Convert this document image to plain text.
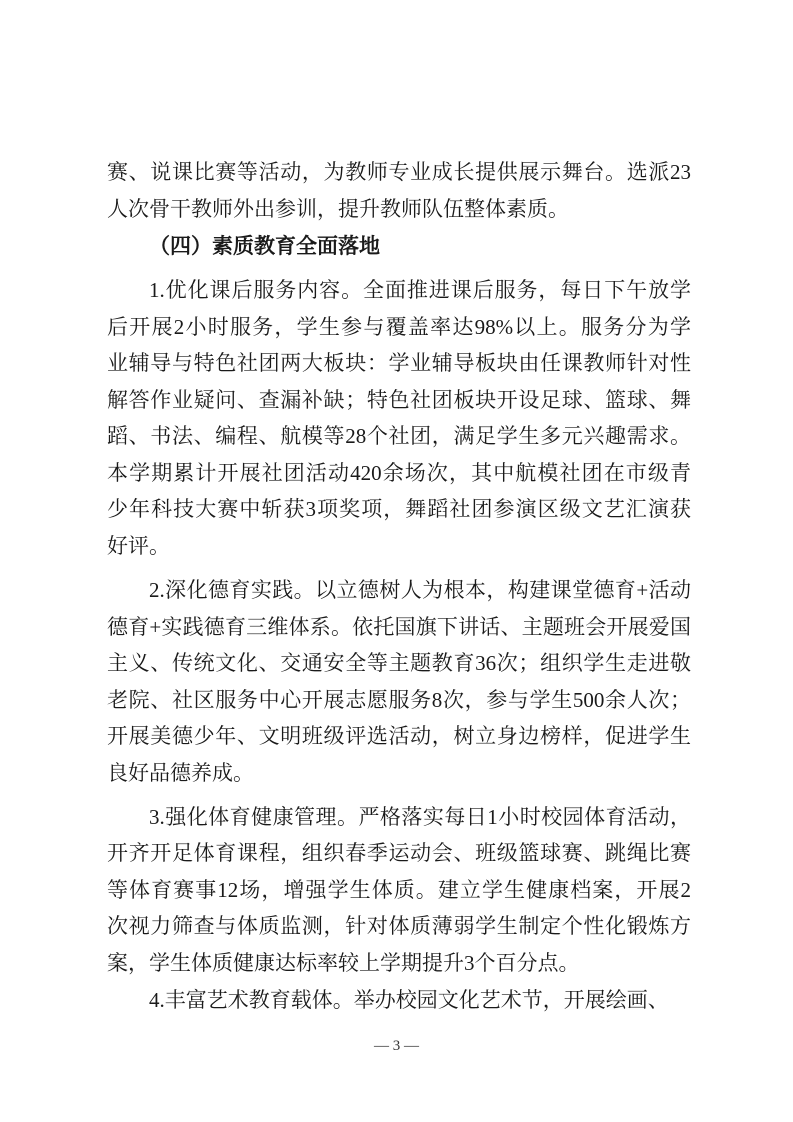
— 3 —
赛、说课比赛等活动，为教师专业成长提供展示舞台。选派23
人次骨干教师外出参训，提升教师队伍整体素质。
（四）素质教育全面落地
1.优化课后服务内容。全面推进课后服务，每日下午放学
后开展2小时服务，学生参与覆盖率达98%以上。服务分为学
业辅导与特色社团两大板块：学业辅导板块由任课教师针对性
解答作业疑问、查漏补缺；特色社团板块开设足球、篮球、舞
蹈、书法、编程、航模等28个社团，满足学生多元兴趣需求。
本学期累计开展社团活动420余场次，其中航模社团在市级青
少年科技大赛中斩获3项奖项，舞蹈社团参演区级文艺汇演获
好评。
2.深化德育实践。以立德树人为根本，构建课堂德育+活动
德育+实践德育三维体系。依托国旗下讲话、主题班会开展爱国
主义、传统文化、交通安全等主题教育36次；组织学生走进敬
老院、社区服务中心开展志愿服务8次，参与学生500余人次；
开展美德少年、文明班级评选活动，树立身边榜样，促进学生
良好品德养成。
3.强化体育健康管理。严格落实每日1小时校园体育活动，
开齐开足体育课程，组织春季运动会、班级篮球赛、跳绳比赛
等体育赛事12场，增强学生体质。建立学生健康档案，开展2
次视力筛查与体质监测，针对体质薄弱学生制定个性化锻炼方
案，学生体质健康达标率较上学期提升3个百分点。
4.丰富艺术教育载体。举办校园文化艺术节，开展绘画、
